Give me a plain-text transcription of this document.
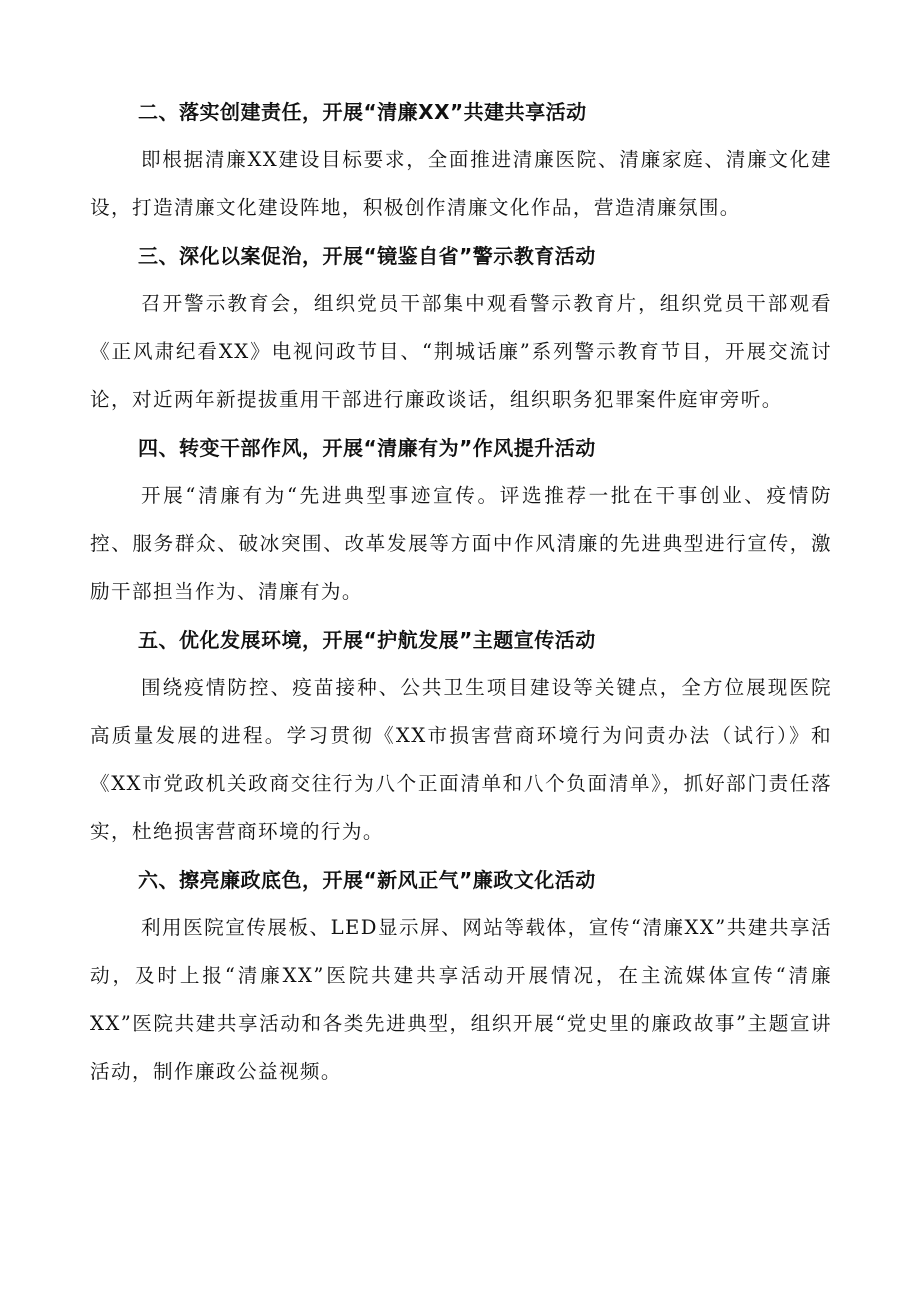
二、落实创建责任，开展“清廉XX”共建共享活动

即根据清廉XX建设目标要求，全面推进清廉医院、清廉家庭、清廉文化建设，打造清廉文化建设阵地，积极创作清廉文化作品，营造清廉氛围。

三、深化以案促治，开展“镜鉴自省”警示教育活动

召开警示教育会，组织党员干部集中观看警示教育片，组织党员干部观看《正风肃纪看XX》电视问政节目、“荆城话廉”系列警示教育节目，开展交流讨论，对近两年新提拔重用干部进行廉政谈话，组织职务犯罪案件庭审旁听。

四、转变干部作风，开展“清廉有为”作风提升活动

开展“清廉有为“先进典型事迹宣传。评选推荐一批在干事创业、疫情防控、服务群众、破冰突围、改革发展等方面中作风清廉的先进典型进行宣传，激励干部担当作为、清廉有为。

五、优化发展环境，开展“护航发展”主题宣传活动

围绕疫情防控、疫苗接种、公共卫生项目建设等关键点，全方位展现医院高质量发展的进程。学习贯彻《XX市损害营商环境行为问责办法（试行）》和《XX市党政机关政商交往行为八个正面清单和八个负面清单》，抓好部门责任落实，杜绝损害营商环境的行为。

六、擦亮廉政底色，开展“新风正气”廉政文化活动

利用医院宣传展板、LED显示屏、网站等载体，宣传“清廉XX”共建共享活动，及时上报“清廉XX”医院共建共享活动开展情况，在主流媒体宣传“清廉XX”医院共建共享活动和各类先进典型，组织开展“党史里的廉政故事”主题宣讲活动，制作廉政公益视频。
